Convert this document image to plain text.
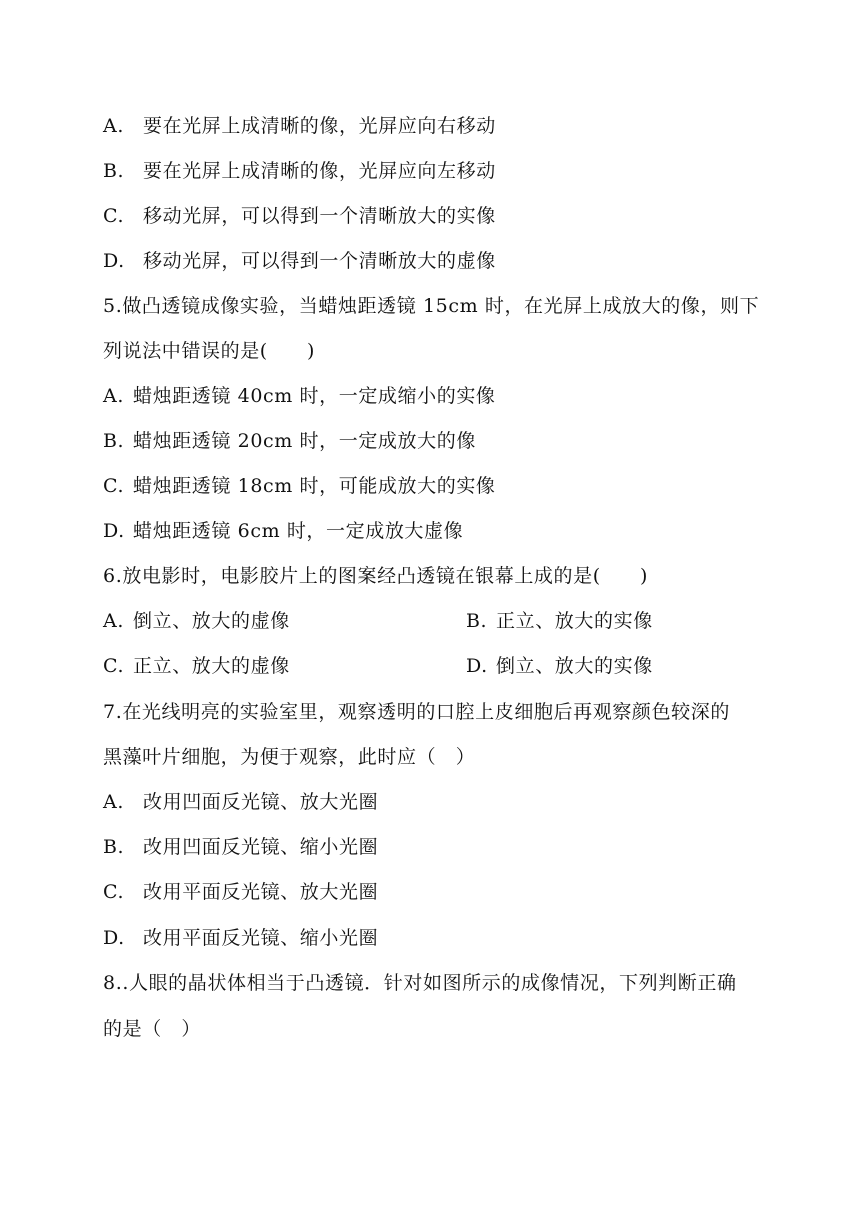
A. 要在光屏上成清晰的像，光屏应向右移动
B. 要在光屏上成清晰的像，光屏应向左移动
C. 移动光屏，可以得到一个清晰放大的实像
D. 移动光屏，可以得到一个清晰放大的虚像
5.做凸透镜成像实验，当蜡烛距透镜 15cm 时，在光屏上成放大的像，则下
列说法中错误的是(　　)
A. 蜡烛距透镜 40cm 时，一定成缩小的实像
B. 蜡烛距透镜 20cm 时，一定成放大的像
C. 蜡烛距透镜 18cm 时，可能成放大的实像
D. 蜡烛距透镜 6cm 时，一定成放大虚像
6.放电影时，电影胶片上的图案经凸透镜在银幕上成的是(　　)
A. 倒立、放大的虚像	B. 正立、放大的实像
C. 正立、放大的虚像	D. 倒立、放大的实像
7.在光线明亮的实验室里，观察透明的口腔上皮细胞后再观察颜色较深的
黑藻叶片细胞，为便于观察，此时应（　）
A. 改用凹面反光镜、放大光圈
B. 改用凹面反光镜、缩小光圈
C. 改用平面反光镜、放大光圈
D. 改用平面反光镜、缩小光圈
8..人眼的晶状体相当于凸透镜．针对如图所示的成像情况，下列判断正确
的是（　）
